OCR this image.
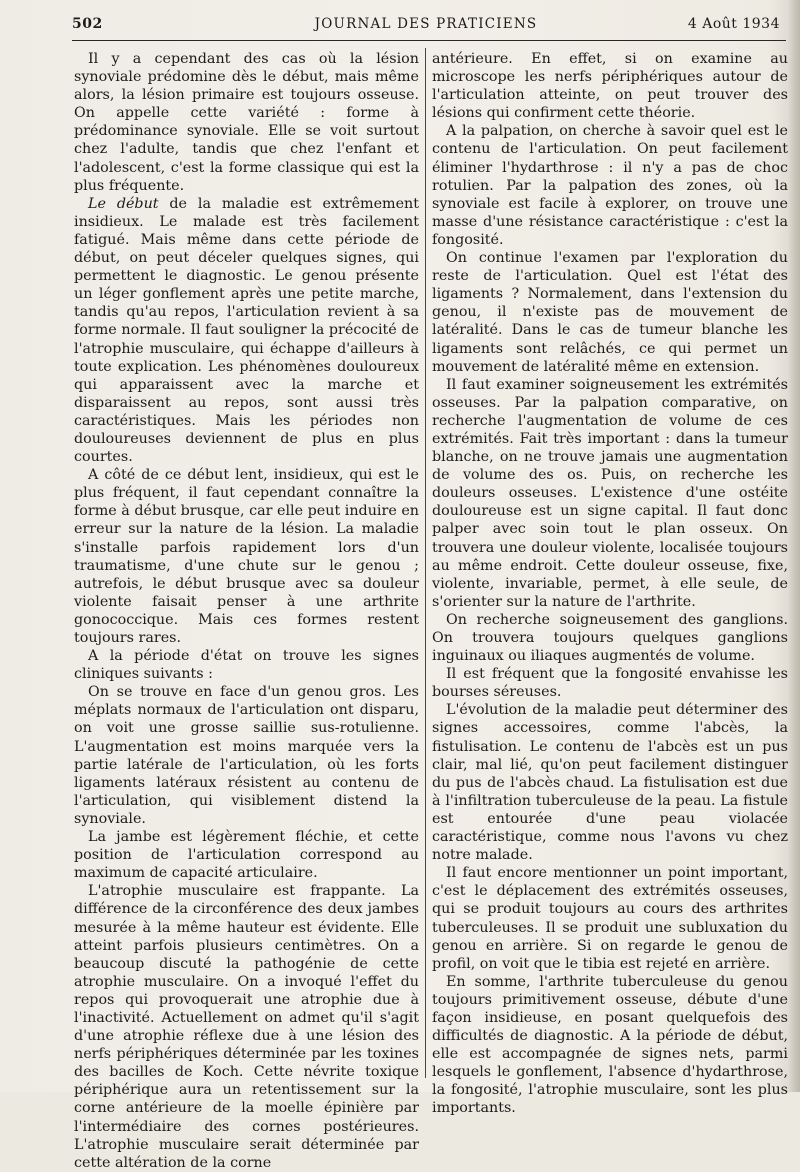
502	JOURNAL DES PRATICIENS	4 Août 1934

Il y a cependant des cas où la lésion synoviale prédomine dès le début, mais même alors, la lésion primaire est toujours osseuse. On appelle cette variété : forme à prédominance synoviale. Elle se voit surtout chez l'adulte, tandis que chez l'enfant et l'adolescent, c'est la forme classique qui est la plus fréquente.

Le début de la maladie est extrêmement insidieux. Le malade est très facilement fatigué. Mais même dans cette période de début, on peut déceler quelques signes, qui permettent le diagnostic. Le genou présente un léger gonflement après une petite marche, tandis qu'au repos, l'articulation revient à sa forme normale. Il faut souligner la précocité de l'atrophie musculaire, qui échappe d'ailleurs à toute explication. Les phénomènes douloureux qui apparaissent avec la marche et disparaissent au repos, sont aussi très caractéristiques. Mais les périodes non douloureuses deviennent de plus en plus courtes.

A côté de ce début lent, insidieux, qui est le plus fréquent, il faut cependant connaître la forme à début brusque, car elle peut induire en erreur sur la nature de la lésion. La maladie s'installe parfois rapidement lors d'un traumatisme, d'une chute sur le genou ; autrefois, le début brusque avec sa douleur violente faisait penser à une arthrite gonococcique. Mais ces formes restent toujours rares.

A la période d'état on trouve les signes cliniques suivants :

On se trouve en face d'un genou gros. Les méplats normaux de l'articulation ont disparu, on voit une grosse saillie sus-rotulienne. L'augmentation est moins marquée vers la partie latérale de l'articulation, où les forts ligaments latéraux résistent au contenu de l'articulation, qui visiblement distend la synoviale.

La jambe est légèrement fléchie, et cette position de l'articulation correspond au maximum de capacité articulaire.

L'atrophie musculaire est frappante. La différence de la circonférence des deux jambes mesurée à la même hauteur est évidente. Elle atteint parfois plusieurs centimètres. On a beaucoup discuté la pathogénie de cette atrophie musculaire. On a invoqué l'effet du repos qui provoquerait une atrophie due à l'inactivité. Actuellement on admet qu'il s'agit d'une atrophie réflexe due à une lésion des nerfs périphériques déterminée par les toxines des bacilles de Koch. Cette névrite toxique périphérique aura un retentissement sur la corne antérieure de la moelle épinière par l'intermédiaire des cornes postérieures. L'atrophie musculaire serait déterminée par cette altération de la corne

antérieure. En effet, si on examine au microscope les nerfs périphériques autour de l'articulation atteinte, on peut trouver des lésions qui confirment cette théorie.

A la palpation, on cherche à savoir quel est le contenu de l'articulation. On peut facilement éliminer l'hydarthrose : il n'y a pas de choc rotulien. Par la palpation des zones, où la synoviale est facile à explorer, on trouve une masse d'une résistance caractéristique : c'est la fongosité.

On continue l'examen par l'exploration du reste de l'articulation. Quel est l'état des ligaments ? Normalement, dans l'extension du genou, il n'existe pas de mouvement de latéralité. Dans le cas de tumeur blanche les ligaments sont relâchés, ce qui permet un mouvement de latéralité même en extension.

Il faut examiner soigneusement les extrémités osseuses. Par la palpation comparative, on recherche l'augmentation de volume de ces extrémités. Fait très important : dans la tumeur blanche, on ne trouve jamais une augmentation de volume des os. Puis, on recherche les douleurs osseuses. L'existence d'une ostéite douloureuse est un signe capital. Il faut donc palper avec soin tout le plan osseux. On trouvera une douleur violente, localisée toujours au même endroit. Cette douleur osseuse, fixe, violente, invariable, permet, à elle seule, de s'orienter sur la nature de l'arthrite.

On recherche soigneusement des ganglions. On trouvera toujours quelques ganglions inguinaux ou iliaques augmentés de volume.

Il est fréquent que la fongosité envahisse les bourses séreuses.

L'évolution de la maladie peut déterminer des signes accessoires, comme l'abcès, la fistulisation. Le contenu de l'abcès est un pus clair, mal lié, qu'on peut facilement distinguer du pus de l'abcès chaud. La fistulisation est due à l'infiltration tuberculeuse de la peau. La fistule est entourée d'une peau violacée caractéristique, comme nous l'avons vu chez notre malade.

Il faut encore mentionner un point important, c'est le déplacement des extrémités osseuses, qui se produit toujours au cours des arthrites tuberculeuses. Il se produit une subluxation du genou en arrière. Si on regarde le genou de profil, on voit que le tibia est rejeté en arrière.

En somme, l'arthrite tuberculeuse du genou toujours primitivement osseuse, débute d'une façon insidieuse, en posant quelquefois des difficultés de diagnostic. A la période de début, elle est accompagnée de signes nets, parmi lesquels le gonflement, l'absence d'hydarthrose, la fongosité, l'atrophie musculaire, sont les plus importants.
